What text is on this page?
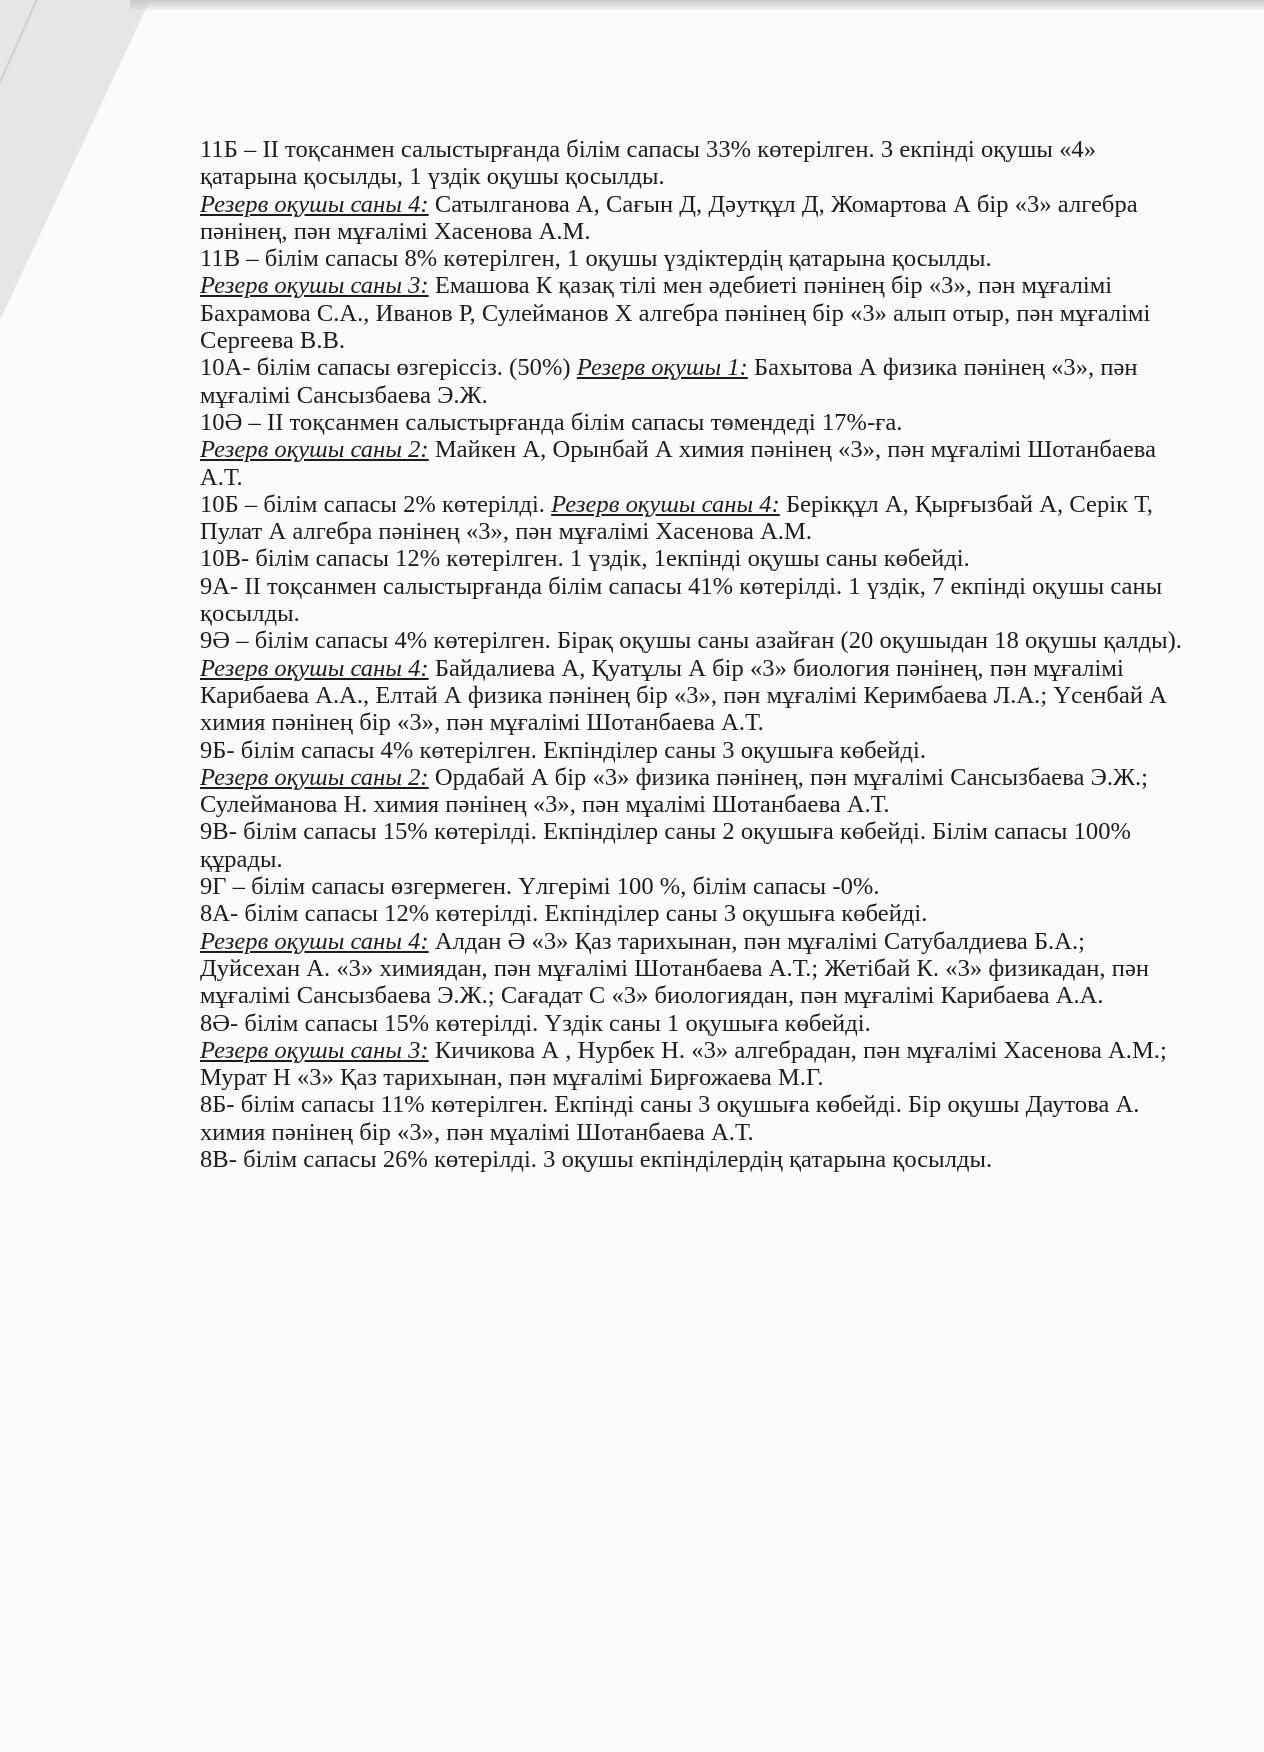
11Б – ІІ тоқсанмен салыстырғанда білім сапасы 33% көтерілген. 3 екпінді оқушы «4» қатарына қосылды, 1 үздік оқушы қосылды.

Резерв оқушы саны 4: Сатылганова А, Сағын Д, Дәутқұл Д, Жомартова А бір «3» алгебра пәнінең, пән мұғалімі Хасенова А.М.

11В – білім сапасы 8% көтерілген, 1 оқушы үздіктердің қатарына қосылды.

Резерв оқушы саны 3: Емашова К қазақ тілі мен әдебиеті пәнінең бір «3», пән мұғалімі Бахрамова С.А., Иванов Р, Сулейманов Х алгебра пәнінең бір «3» алып отыр, пән мұғалімі Сергеева В.В.

10А- білім сапасы өзгеріссіз. (50%) Резерв оқушы 1: Бахытова А физика пәнінең «3», пән мұғалімі Сансызбаева Э.Ж.

10Ә – ІІ тоқсанмен салыстырғанда білім сапасы төмендеді 17%-ға.

Резерв оқушы саны 2: Майкен А, Орынбай А химия пәнінең «3», пән мұғалімі Шотанбаева А.Т.

10Б – білім сапасы 2% көтерілді. Резерв оқушы саны 4: Берікқұл А, Қырғызбай А, Серік Т, Пулат А алгебра пәнінең «3», пән мұғалімі Хасенова А.М.

10В- білім сапасы 12% көтерілген. 1 үздік, 1екпінді оқушы саны көбейді.

9А- ІІ тоқсанмен салыстырғанда білім сапасы 41% көтерілді. 1 үздік, 7 екпінді оқушы саны қосылды.

9Ә – білім сапасы 4% көтерілген. Бірақ оқушы саны азайған (20 оқушыдан 18 оқушы қалды). Резерв оқушы саны 4: Байдалиева А, Қуатұлы А бір «3» биология пәнінең, пән мұғалімі Карибаева А.А., Елтай А физика пәнінең бір «3», пән мұғалімі Керимбаева Л.А.; Үсенбай А химия пәнінең бір «3», пән мұғалімі Шотанбаева А.Т.

9Б- білім сапасы 4% көтерілген. Екпінділер саны 3 оқушыға көбейді.

Резерв оқушы саны 2: Ордабай А бір «3» физика пәнінең, пән мұғалімі Сансызбаева Э.Ж.; Сулейманова Н. химия пәнінең «3», пән мұалімі Шотанбаева А.Т.

9В- білім сапасы 15% көтерілді. Екпінділер саны 2 оқушыға көбейді. Білім сапасы 100% құрады.

9Г – білім сапасы өзгермеген. Үлгерімі 100 %, білім сапасы -0%.

8А- білім сапасы 12% көтерілді. Екпінділер саны 3 оқушыға көбейді.

Резерв оқушы саны 4: Алдан Ә «3» Қаз тарихынан, пән мұғалімі Сатубалдиева Б.А.; Дуйсехан А. «3» химиядан, пән мұғалімі Шотанбаева А.Т.; Жетібай К. «3» физикадан, пән мұғалімі Сансызбаева Э.Ж.; Сағадат С «3» биологиядан, пән мұғалімі Карибаева А.А.

8Ә- білім сапасы 15% көтерілді. Үздік саны 1 оқушыға көбейді.

Резерв оқушы саны 3: Кичикова А , Нурбек Н. «3» алгебрадан, пән мұғалімі Хасенова А.М.; Мурат Н «3» Қаз тарихынан, пән мұғалімі Бирғожаева М.Г.

8Б- білім сапасы 11% көтерілген. Екпінді саны 3 оқушыға көбейді. Бір оқушы Даутова А. химия пәнінең бір «3», пән мұалімі Шотанбаева А.Т.

8В- білім сапасы 26% көтерілді. 3 оқушы екпінділердің қатарына қосылды.
